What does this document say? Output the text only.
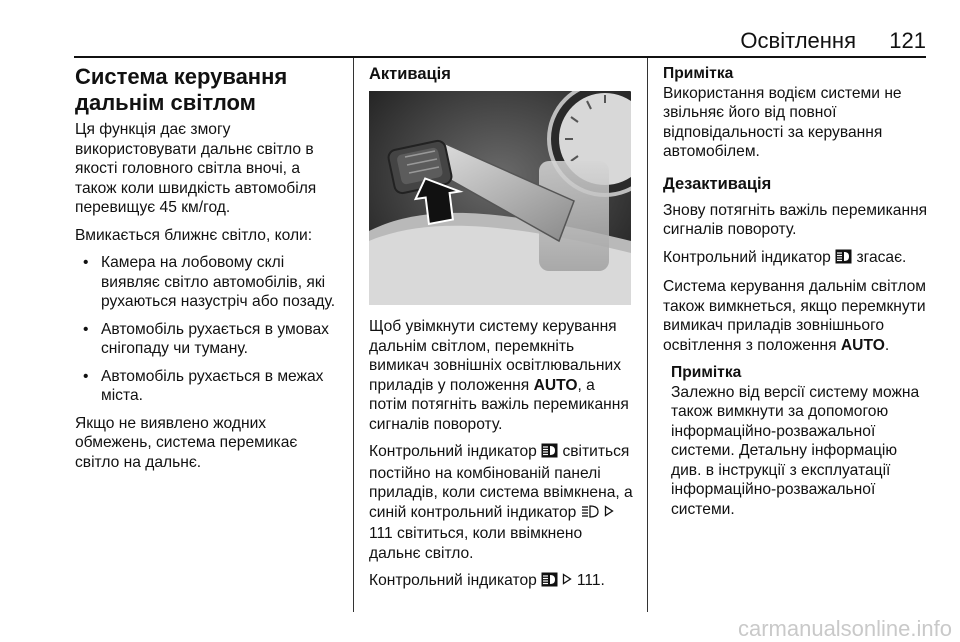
Освітлення 121
Система керування дальнім світлом

Ця функція дає змогу використовувати дальнє світло в якості головного світла вночі, а також коли швидкість автомобіля перевищує 45 км/год.

Вмикається ближнє світло, коли:

• Камера на лобовому склі виявляє світло автомобілів, які рухаються назустріч або позаду.
• Автомобіль рухається в умовах снігопаду чи туману.
• Автомобіль рухається в межах міста.

Якщо не виявлено жодних обмежень, система перемикає світло на дальнє.

Активація

Щоб увімкнути систему керування дальнім світлом, перемкніть вимикач зовнішніх освітлювальних приладів у положення AUTO, а потім потягніть важіль перемикання сигналів повороту.

Контрольний індикатор  світиться постійно на комбінованій панелі приладів, коли система ввімкнена, а синій контрольний індикатор   111 світиться, коли ввімкнено дальнє світло.

Контрольний індикатор   111.

Примітка

Використання водієм системи не звільняє його від повної відповідальності за керування автомобілем.

Дезактивація

Знову потягніть важіль перемикання сигналів повороту.

Контрольний індикатор  згасає.

Система керування дальнім світлом також вимкнеться, якщо перемкнути вимикач приладів зовнішнього освітлення з положення AUTO.

Примітка

Залежно від версії систему можна також вимкнути за допомогою інформаційно-розважальної системи. Детальну інформацію див. в інструкції з експлуатації інформаційно-розважальної системи.

carmanualsonline.info
